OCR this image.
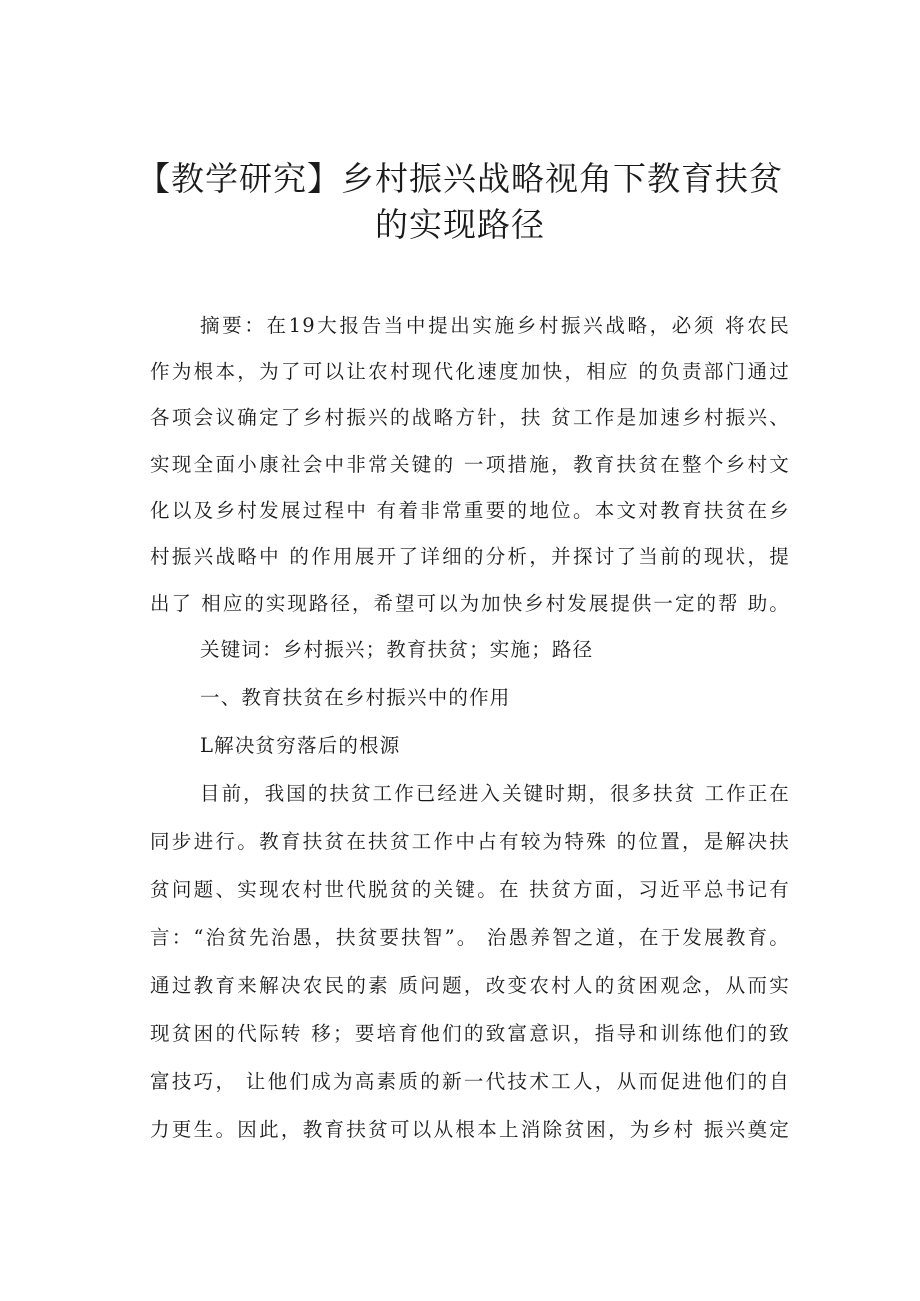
【教学研究】乡村振兴战略视角下教育扶贫
的实现路径
摘要：在19大报告当中提出实施乡村振兴战略，必须 将农民
作为根本，为了可以让农村现代化速度加快，相应 的负责部门通过
各项会议确定了乡村振兴的战略方针，扶 贫工作是加速乡村振兴、
实现全面小康社会中非常关键的 一项措施，教育扶贫在整个乡村文
化以及乡村发展过程中 有着非常重要的地位。本文对教育扶贫在乡
村振兴战略中 的作用展开了详细的分析，并探讨了当前的现状，提
出了 相应的实现路径，希望可以为加快乡村发展提供一定的帮 助。
关键词：乡村振兴；教育扶贫；实施；路径
一、教育扶贫在乡村振兴中的作用
L解决贫穷落后的根源
目前，我国的扶贫工作已经进入关键时期，很多扶贫 工作正在
同步进行。教育扶贫在扶贫工作中占有较为特殊 的位置，是解决扶
贫问题、实现农村世代脱贫的关键。在 扶贫方面，习近平总书记有
言：“治贫先治愚，扶贫要扶智”。 治愚养智之道，在于发展教育。
通过教育来解决农民的素 质问题，改变农村人的贫困观念，从而实
现贫困的代际转 移；要培育他们的致富意识，指导和训练他们的致
富技巧， 让他们成为高素质的新一代技术工人，从而促进他们的自
力更生。因此，教育扶贫可以从根本上消除贫困，为乡村 振兴奠定
